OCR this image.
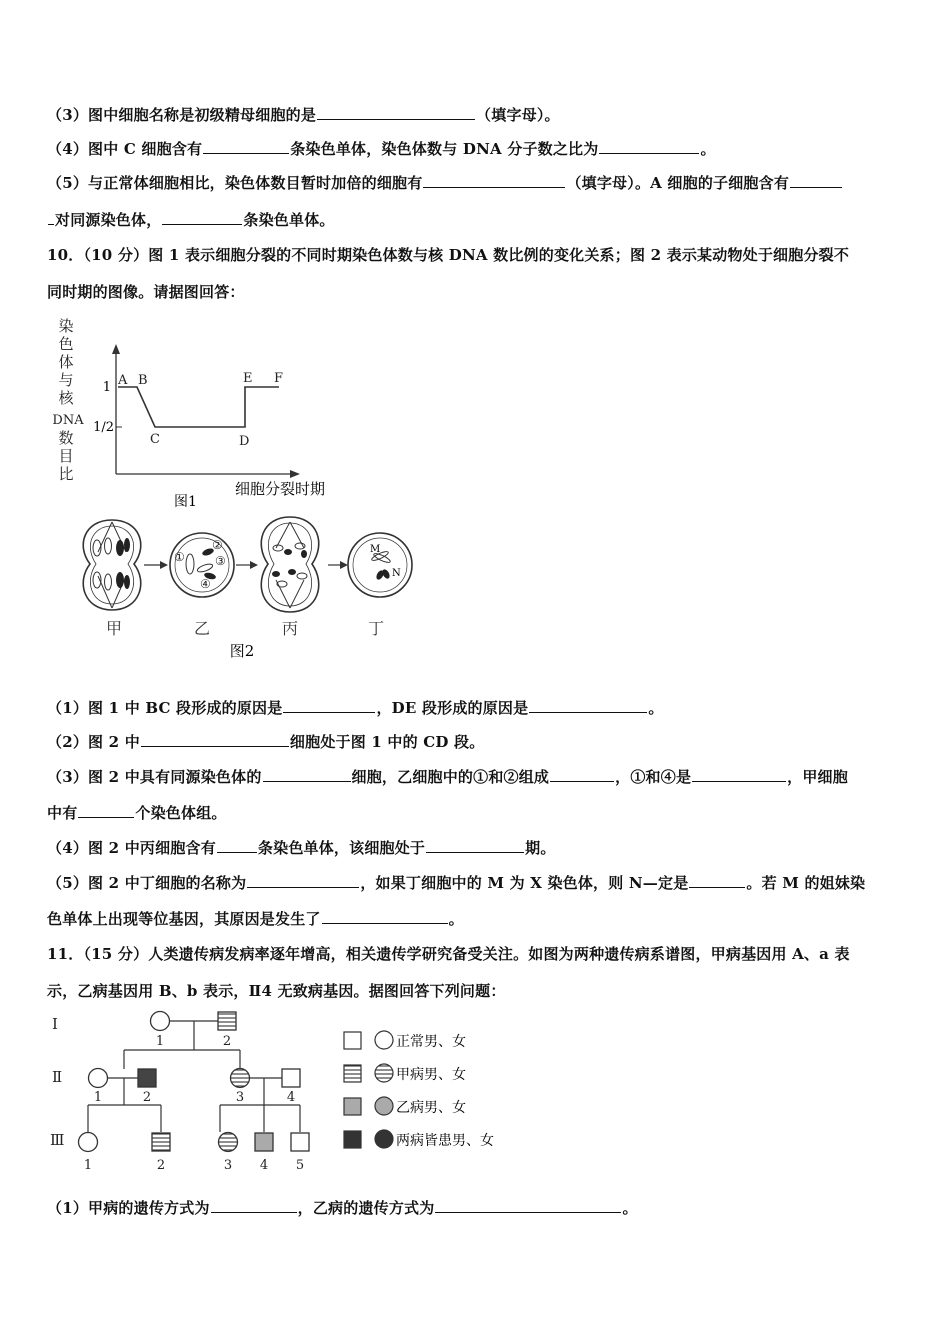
（3）图中细胞名称是初级精母细胞的是	（填字母）。
（4）图中 C 细胞含有	条染色单体，染色体数与 DNA 分子数之比为	。
（5）与正常体细胞相比，染色体数目暂时加倍的细胞有	（填字母）。A 细胞的子细胞含有
对同源染色体，	条染色单体。
10．（10 分）图 1 表示细胞分裂的不同时期染色体数与核 DNA 数比例的变化关系；图 2 表示某动物处于细胞分裂不
同时期的图像。请据图回答：
染
色
体
与
核
DNA
数
目
比
1
1/2
A B
C	D
E F
细胞分裂时期
图1
①
②
③
④
M
N
甲	乙	丙	丁
图2
（1）图 1 中 BC 段形成的原因是	，DE 段形成的原因是	。
（2）图 2 中	细胞处于图 1 中的 CD 段。
（3）图 2 中具有同源染色体的	细胞，乙细胞中的①和②组成	，①和④是	，甲细胞
中有	个染色体组。
（4）图 2 中丙细胞含有	条染色单体，该细胞处于	期。
（5）图 2 中丁细胞的名称为	，如果丁细胞中的 M 为 X 染色体，则 N—定是	。若 M 的姐妹染
色单体上出现等位基因，其原因是发生了	。
11．（15 分）人类遗传病发病率逐年增高，相关遗传学研究备受关注。如图为两种遗传病系谱图，甲病基因用 A、a 表
示，乙病基因用 B、b 表示，Ⅱ4 无致病基因。据图回答下列问题：
Ⅰ
Ⅱ
Ⅲ
1	2
1	2	3	4
1	2	3 4 5
正常男、女
甲病男、女
乙病男、女
两病皆患男、女
（1）甲病的遗传方式为	，乙病的遗传方式为	。
